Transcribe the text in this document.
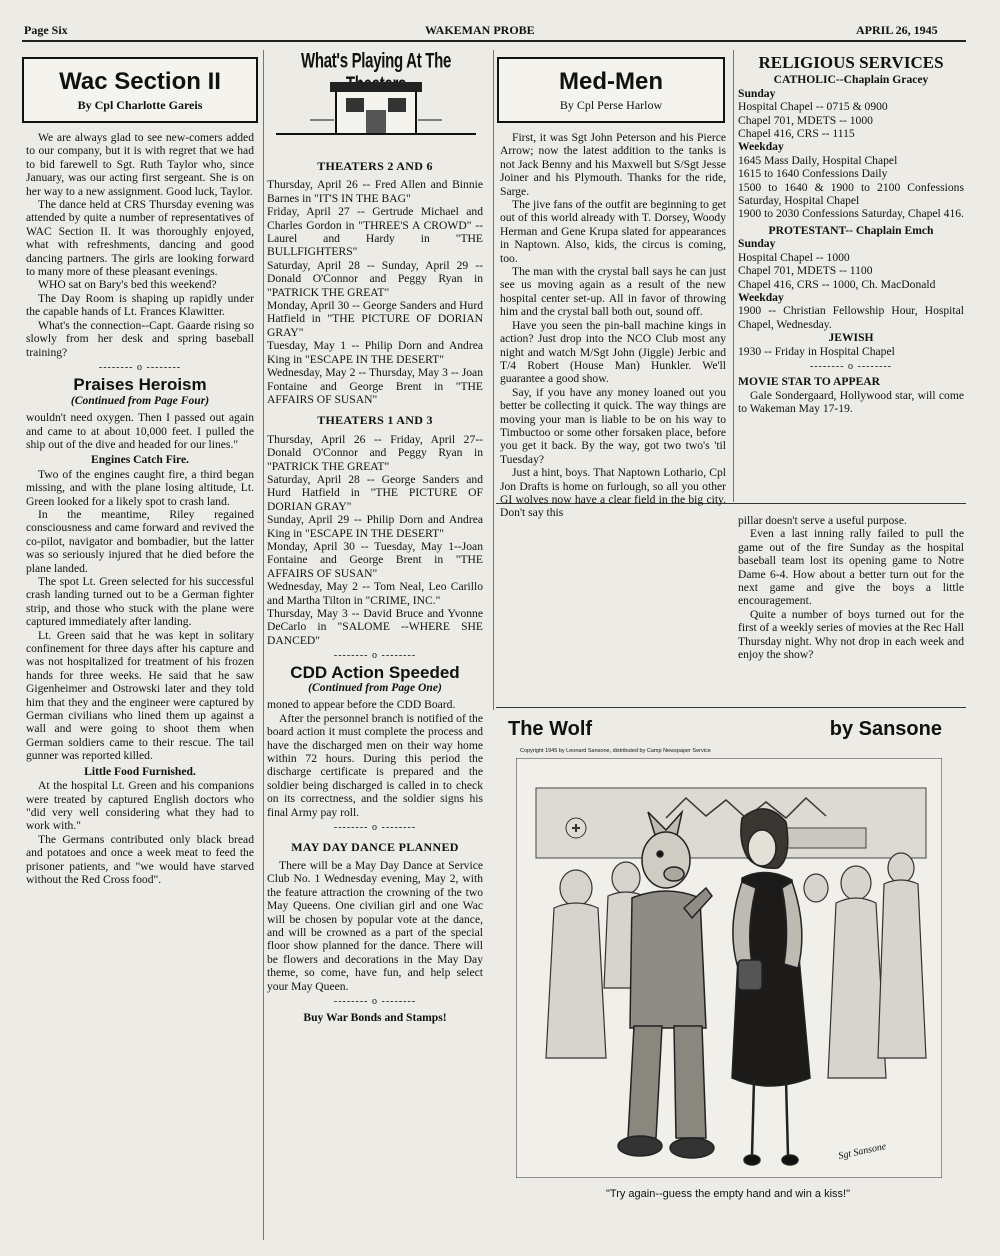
Page Six	WAKEMAN PROBE	APRIL 26, 1945
Wac Section II
By Cpl Charlotte Gareis

We are always glad to see new-comers added to our company, but it is with regret that we had to bid farewell to Sgt. Ruth Taylor who, since January, was our acting first sergeant. She is on her way to a new assignment. Good luck, Taylor.

The dance held at CRS Thursday evening was attended by quite a number of representatives of WAC Section II. It was thoroughly enjoyed, what with refreshments, dancing and good dancing partners. The girls are looking forward to many more of these pleasant evenings.

WHO sat on Bary's bed this weekend?

The Day Room is shaping up rapidly under the capable hands of Lt. Frances Klawitter.

What's the connection--Capt. Gaarde rising so slowly from her desk and spring baseball training?

-------- o --------

Praises Heroism

(Continued from Page Four)

wouldn't need oxygen. Then I passed out again and came to at about 10,000 feet. I pulled the ship out of the dive and headed for our lines."

Engines Catch Fire.

Two of the engines caught fire, a third began missing, and with the plane losing altitude, Lt. Green looked for a likely spot to crash land.

In the meantime, Riley regained consciousness and came forward and revived the co-pilot, navigator and bombadier, but the latter was so seriously injured that he died before the plane landed.

The spot Lt. Green selected for his successful crash landing turned out to be a German fighter strip, and those who stuck with the plane were captured immediately after landing.

Lt. Green said that he was kept in solitary confinement for three days after his capture and was not hospitalized for treatment of his frozen hands for three weeks. He said that he saw Gigenheimer and Ostrowski later and they told him that they and the engineer were captured by German civilians who lined them up against a wall and were going to shoot them when German soldiers came to their rescue. The tail gunner was reported killed.

Little Food Furnished.

At the hospital Lt. Green and his companions were treated by captured English doctors who "did very well considering what they had to work with."

The Germans contributed only black bread and potatoes and once a week meat to feed the prisoner patients, and "we would have starved without the Red Cross food".

What's Playing At The

THEATERS 2 AND 6

Thursday, April 26 -- Fred Allen and Binnie Barnes in "IT'S IN THE BAG"

Friday, April 27 -- Gertrude Michael and Charles Gordon in "THREE'S A CROWD" -- Laurel and Hardy in "THE BULLFIGHTERS"

Saturday, April 28 -- Sunday, April 29 -- Donald O'Connor and Peggy Ryan in "PATRICK THE GREAT"

Monday, April 30 -- George Sanders and Hurd Hatfield in "THE PICTURE OF DORIAN GRAY"

Tuesday, May 1 -- Philip Dorn and Andrea King in "ESCAPE IN THE DESERT"

Wednesday, May 2 -- Thursday, May 3 -- Joan Fontaine and George Brent in "THE AFFAIRS OF SUSAN"

THEATERS 1 AND 3

Thursday, April 26 -- Friday, April 27--Donald O'Connor and Peggy Ryan in "PATRICK THE GREAT"

Saturday, April 28 -- George Sanders and Hurd Hatfield in "THE PICTURE OF DORIAN GRAY"

Sunday, April 29 -- Philip Dorn and Andrea King in "ESCAPE IN THE DESERT"

Monday, April 30 -- Tuesday, May 1--Joan Fontaine and George Brent in "THE AFFAIRS OF SUSAN"

Wednesday, May 2 -- Tom Neal, Leo Carillo and Martha Tilton in "CRIME, INC."

Thursday, May 3 -- David Bruce and Yvonne DeCarlo in "SALOME --WHERE SHE DANCED"

-------- o --------

CDD Action Speeded

(Continued from Page One)

moned to appear before the CDD Board.

After the personnel branch is notified of the board action it must complete the process and have the discharged men on their way home within 72 hours. During this period the discharge certificate is prepared and the soldier being discharged is called in to check on its correctness, and the soldier signs his final Army pay roll.

-------- o --------

MAY DAY DANCE PLANNED

There will be a May Day Dance at Service Club No. 1 Wednesday evening, May 2, with the feature attraction the crowning of the two May Queens. One civilian girl and one Wac will be chosen by popular vote at the dance, and will be crowned as a part of the special floor show planned for the dance. There will be flowers and decorations in the May Day theme, so come, have fun, and help select your May Queen.

-------- o --------

Buy War Bonds and Stamps!

Med-Men
By Cpl Perse Harlow

First, it was Sgt John Peterson and his Pierce Arrow; now the latest addition to the tanks is not Jack Benny and his Maxwell but S/Sgt Jesse Joiner and his Plymouth. Thanks for the ride, Sarge.

The jive fans of the outfit are beginning to get out of this world already with T. Dorsey, Woody Herman and Gene Krupa slated for appearances in Naptown. Also, kids, the circus is coming, too.

The man with the crystal ball says he can just see us moving again as a result of the new hospital center set-up. All in favor of throwing him and the crystal ball both out, sound off.

Have you seen the pin-ball machine kings in action? Just drop into the NCO Club most any night and watch M/Sgt John (Jiggle) Jerbic and T/4 Robert (House Man) Hunkler. We'll guarantee a good show.

Say, if you have any money loaned out you better be collecting it quick. The way things are moving your man is liable to be on his way to Timbuctoo or some other forsaken place, before you get it back. By the way, got two two's 'til Tuesday?

Just a hint, boys. That Naptown Lothario, Cpl Jon Drafts is home on furlough, so all you other GI wolves now have a clear field in the big city. Don't say this

RELIGIOUS SERVICES

CATHOLIC--Chaplain Gracey

Sunday

Hospital Chapel -- 0715 & 0900

Chapel 701, MDETS -- 1000

Chapel 416, CRS -- 1115

Weekday

1645 Mass Daily, Hospital Chapel

1615 to 1640 Confessions Daily

1500 to 1640 & 1900 to 2100 Confessions Saturday, Hospital Chapel

1900 to 2030 Confessions Saturday, Chapel 416.

PROTESTANT-- Chaplain Emch

Sunday

Hospital Chapel -- 1000

Chapel 701, MDETS -- 1100

Chapel 416, CRS -- 1000, Ch. MacDonald

Weekday

1900 -- Christian Fellowship Hour, Hospital Chapel, Wednesday.

JEWISH

1930 -- Friday in Hospital Chapel

-------- o --------

MOVIE STAR TO APPEAR

Gale Sondergaard, Hollywood star, will come to Wakeman May 17-19.

pillar doesn't serve a useful purpose.

Even a last inning rally failed to pull the game out of the fire Sunday as the hospital baseball team lost its opening game to Notre Dame 6-4. How about a better turn out for the next game and give the boys a little encouragement.

Quite a number of boys turned out for the first of a weekly series of movies at the Rec Hall Thursday night. Why not drop in each week and enjoy the show?

The Wolf	by Sansone
Copyright 1945 by Leonard Sansone, distributed by Camp Newspaper Service
Sgt Sansone
"Try again--guess the empty hand and win a kiss!"
